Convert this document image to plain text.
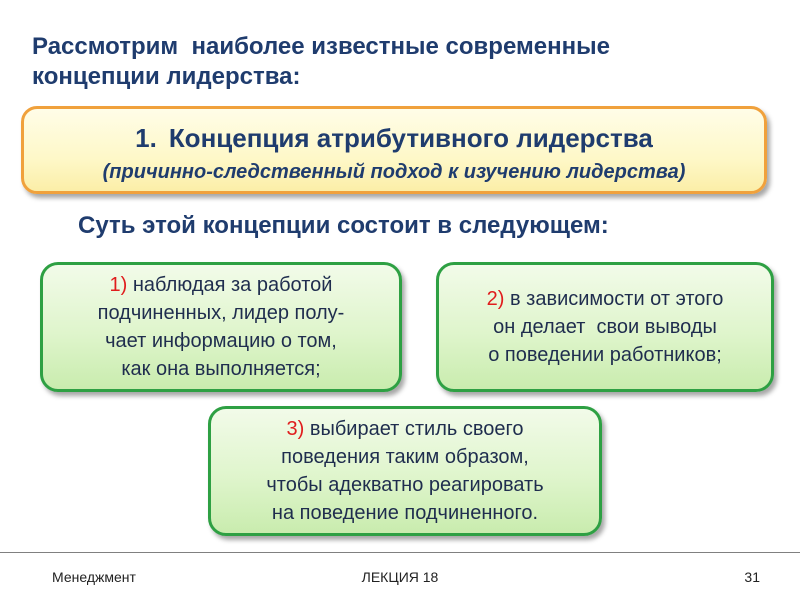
Рассмотрим  наиболее известные современные
концепции лидерства:
1. Концепция атрибутивного лидерства
(причинно-следственный подход к изучению лидерства)
Суть этой концепции состоит в следующем:
1) наблюдая за работой
подчиненных, лидер полу-
чает информацию о том,
как она выполняется;
2) в зависимости от этого
он делает  свои выводы
о поведении работников;
3) выбирает стиль своего
поведения таким образом,
чтобы адекватно реагировать
на поведение подчиненного.
Менеджмент	ЛЕКЦИЯ 18	31
